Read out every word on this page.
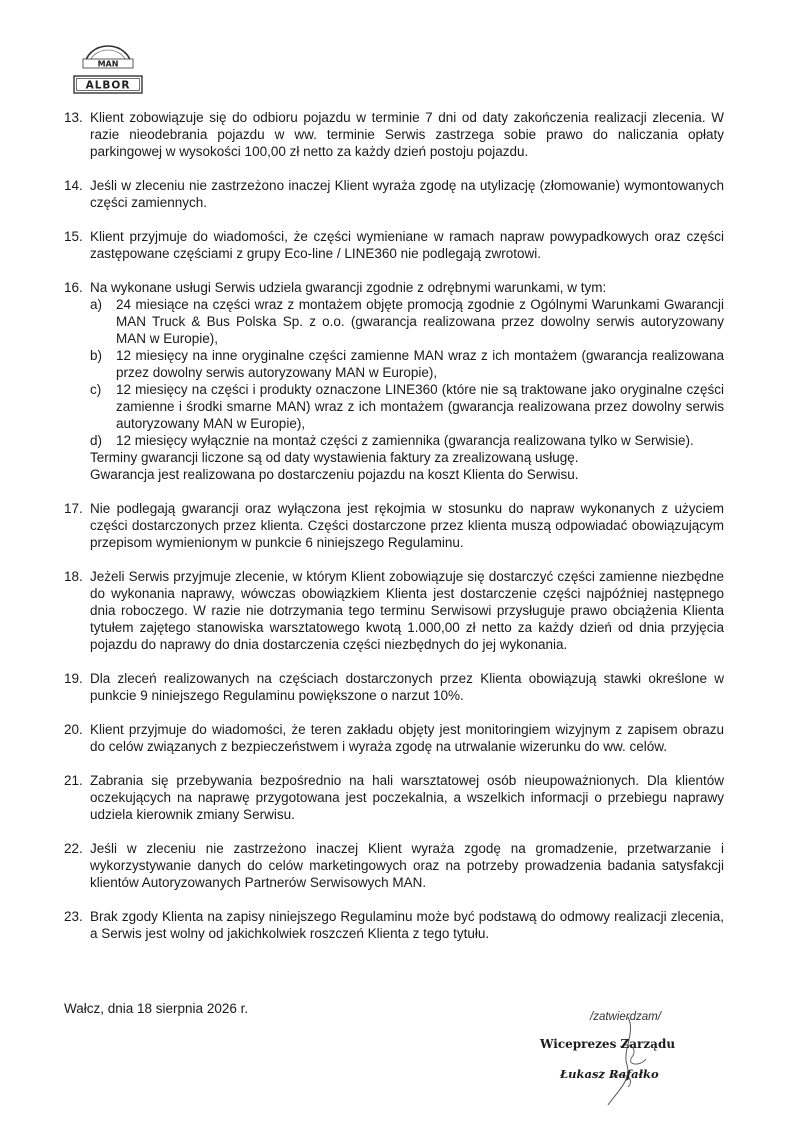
MAN
ALBOR
13. Klient zobowiązuje się do odbioru pojazdu w terminie 7 dni od daty zakończenia realizacji zlecenia. W razie nieodebrania pojazdu w ww. terminie Serwis zastrzega sobie prawo do naliczania opłaty parkingowej w wysokości 100,00 zł netto za każdy dzień postoju pojazdu.
14. Jeśli w zleceniu nie zastrzeżono inaczej Klient wyraża zgodę na utylizację (złomowanie) wymontowanych części zamiennych.
15. Klient przyjmuje do wiadomości, że części wymieniane w ramach napraw powypadkowych oraz części zastępowane częściami z grupy Eco-line / LINE360 nie podlegają zwrotowi.
16. Na wykonane usługi Serwis udziela gwarancji zgodnie z odrębnymi warunkami, w tym:
a)	24 miesiące na części wraz z montażem objęte promocją zgodnie z Ogólnymi Warunkami Gwarancji MAN Truck & Bus Polska Sp. z o.o. (gwarancja realizowana przez dowolny serwis autoryzowany MAN w Europie),
b)	12 miesięcy na inne oryginalne części zamienne MAN wraz z ich montażem (gwarancja realizowana przez dowolny serwis autoryzowany MAN w Europie),
c)	12 miesięcy na części i produkty oznaczone LINE360 (które nie są traktowane jako oryginalne części zamienne i środki smarne MAN) wraz z ich montażem (gwarancja realizowana przez dowolny serwis autoryzowany MAN w Europie),
d)	12 miesięcy wyłącznie na montaż części z zamiennika (gwarancja realizowana tylko w Serwisie).
Terminy gwarancji liczone są od daty wystawienia faktury za zrealizowaną usługę.
Gwarancja jest realizowana po dostarczeniu pojazdu na koszt Klienta do Serwisu.
17. Nie podlegają gwarancji oraz wyłączona jest rękojmia w stosunku do napraw wykonanych z użyciem części dostarczonych przez klienta. Części dostarczone przez klienta muszą odpowiadać obowiązującym przepisom wymienionym w punkcie 6 niniejszego Regulaminu.
18. Jeżeli Serwis przyjmuje zlecenie, w którym Klient zobowiązuje się dostarczyć części zamienne niezbędne do wykonania naprawy, wówczas obowiązkiem Klienta jest dostarczenie części najpóźniej następnego dnia roboczego. W razie nie dotrzymania tego terminu Serwisowi przysługuje prawo obciążenia Klienta tytułem zajętego stanowiska warsztatowego kwotą 1.000,00 zł netto za każdy dzień od dnia przyjęcia pojazdu do naprawy do dnia dostarczenia części niezbędnych do jej wykonania.
19. Dla zleceń realizowanych na częściach dostarczonych przez Klienta obowiązują stawki określone w punkcie 9 niniejszego Regulaminu powiększone o narzut 10%.
20. Klient przyjmuje do wiadomości, że teren zakładu objęty jest monitoringiem wizyjnym z zapisem obrazu do celów związanych z bezpieczeństwem i wyraża zgodę na utrwalanie wizerunku do ww. celów.
21. Zabrania się przebywania bezpośrednio na hali warsztatowej osób nieupoważnionych. Dla klientów oczekujących na naprawę przygotowana jest poczekalnia, a wszelkich informacji o przebiegu naprawy udziela kierownik zmiany Serwisu.
22. Jeśli w zleceniu nie zastrzeżono inaczej Klient wyraża zgodę na gromadzenie, przetwarzanie i wykorzystywanie danych do celów marketingowych oraz na potrzeby prowadzenia badania satysfakcji klientów Autoryzowanych Partnerów Serwisowych MAN.
23. Brak zgody Klienta na zapisy niniejszego Regulaminu może być podstawą do odmowy realizacji zlecenia, a Serwis jest wolny od jakichkolwiek roszczeń Klienta z tego tytułu.
Wałcz, dnia 18 sierpnia 2026 r.
/zatwierdzam/
Wiceprezes Zarządu
Łukasz Rafałko
